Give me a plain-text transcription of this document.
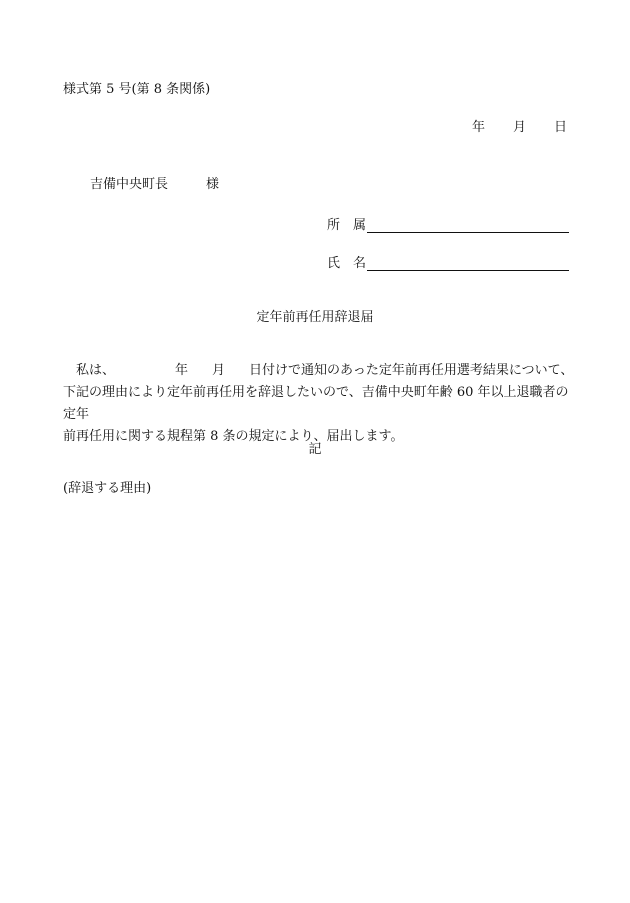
様式第 5 号(第 8 条関係)
年 月 日
吉備中央町長	様
所 属
氏 名
定年前再任用辞退届
私は、	年 月 日付けで通知のあった定年前再任用選考結果について、
下記の理由により定年前再任用を辞退したいので、吉備中央町年齢 60 年以上退職者の定年
前再任用に関する規程第 8 条の規定により、届出します。
記
(辞退する理由)
